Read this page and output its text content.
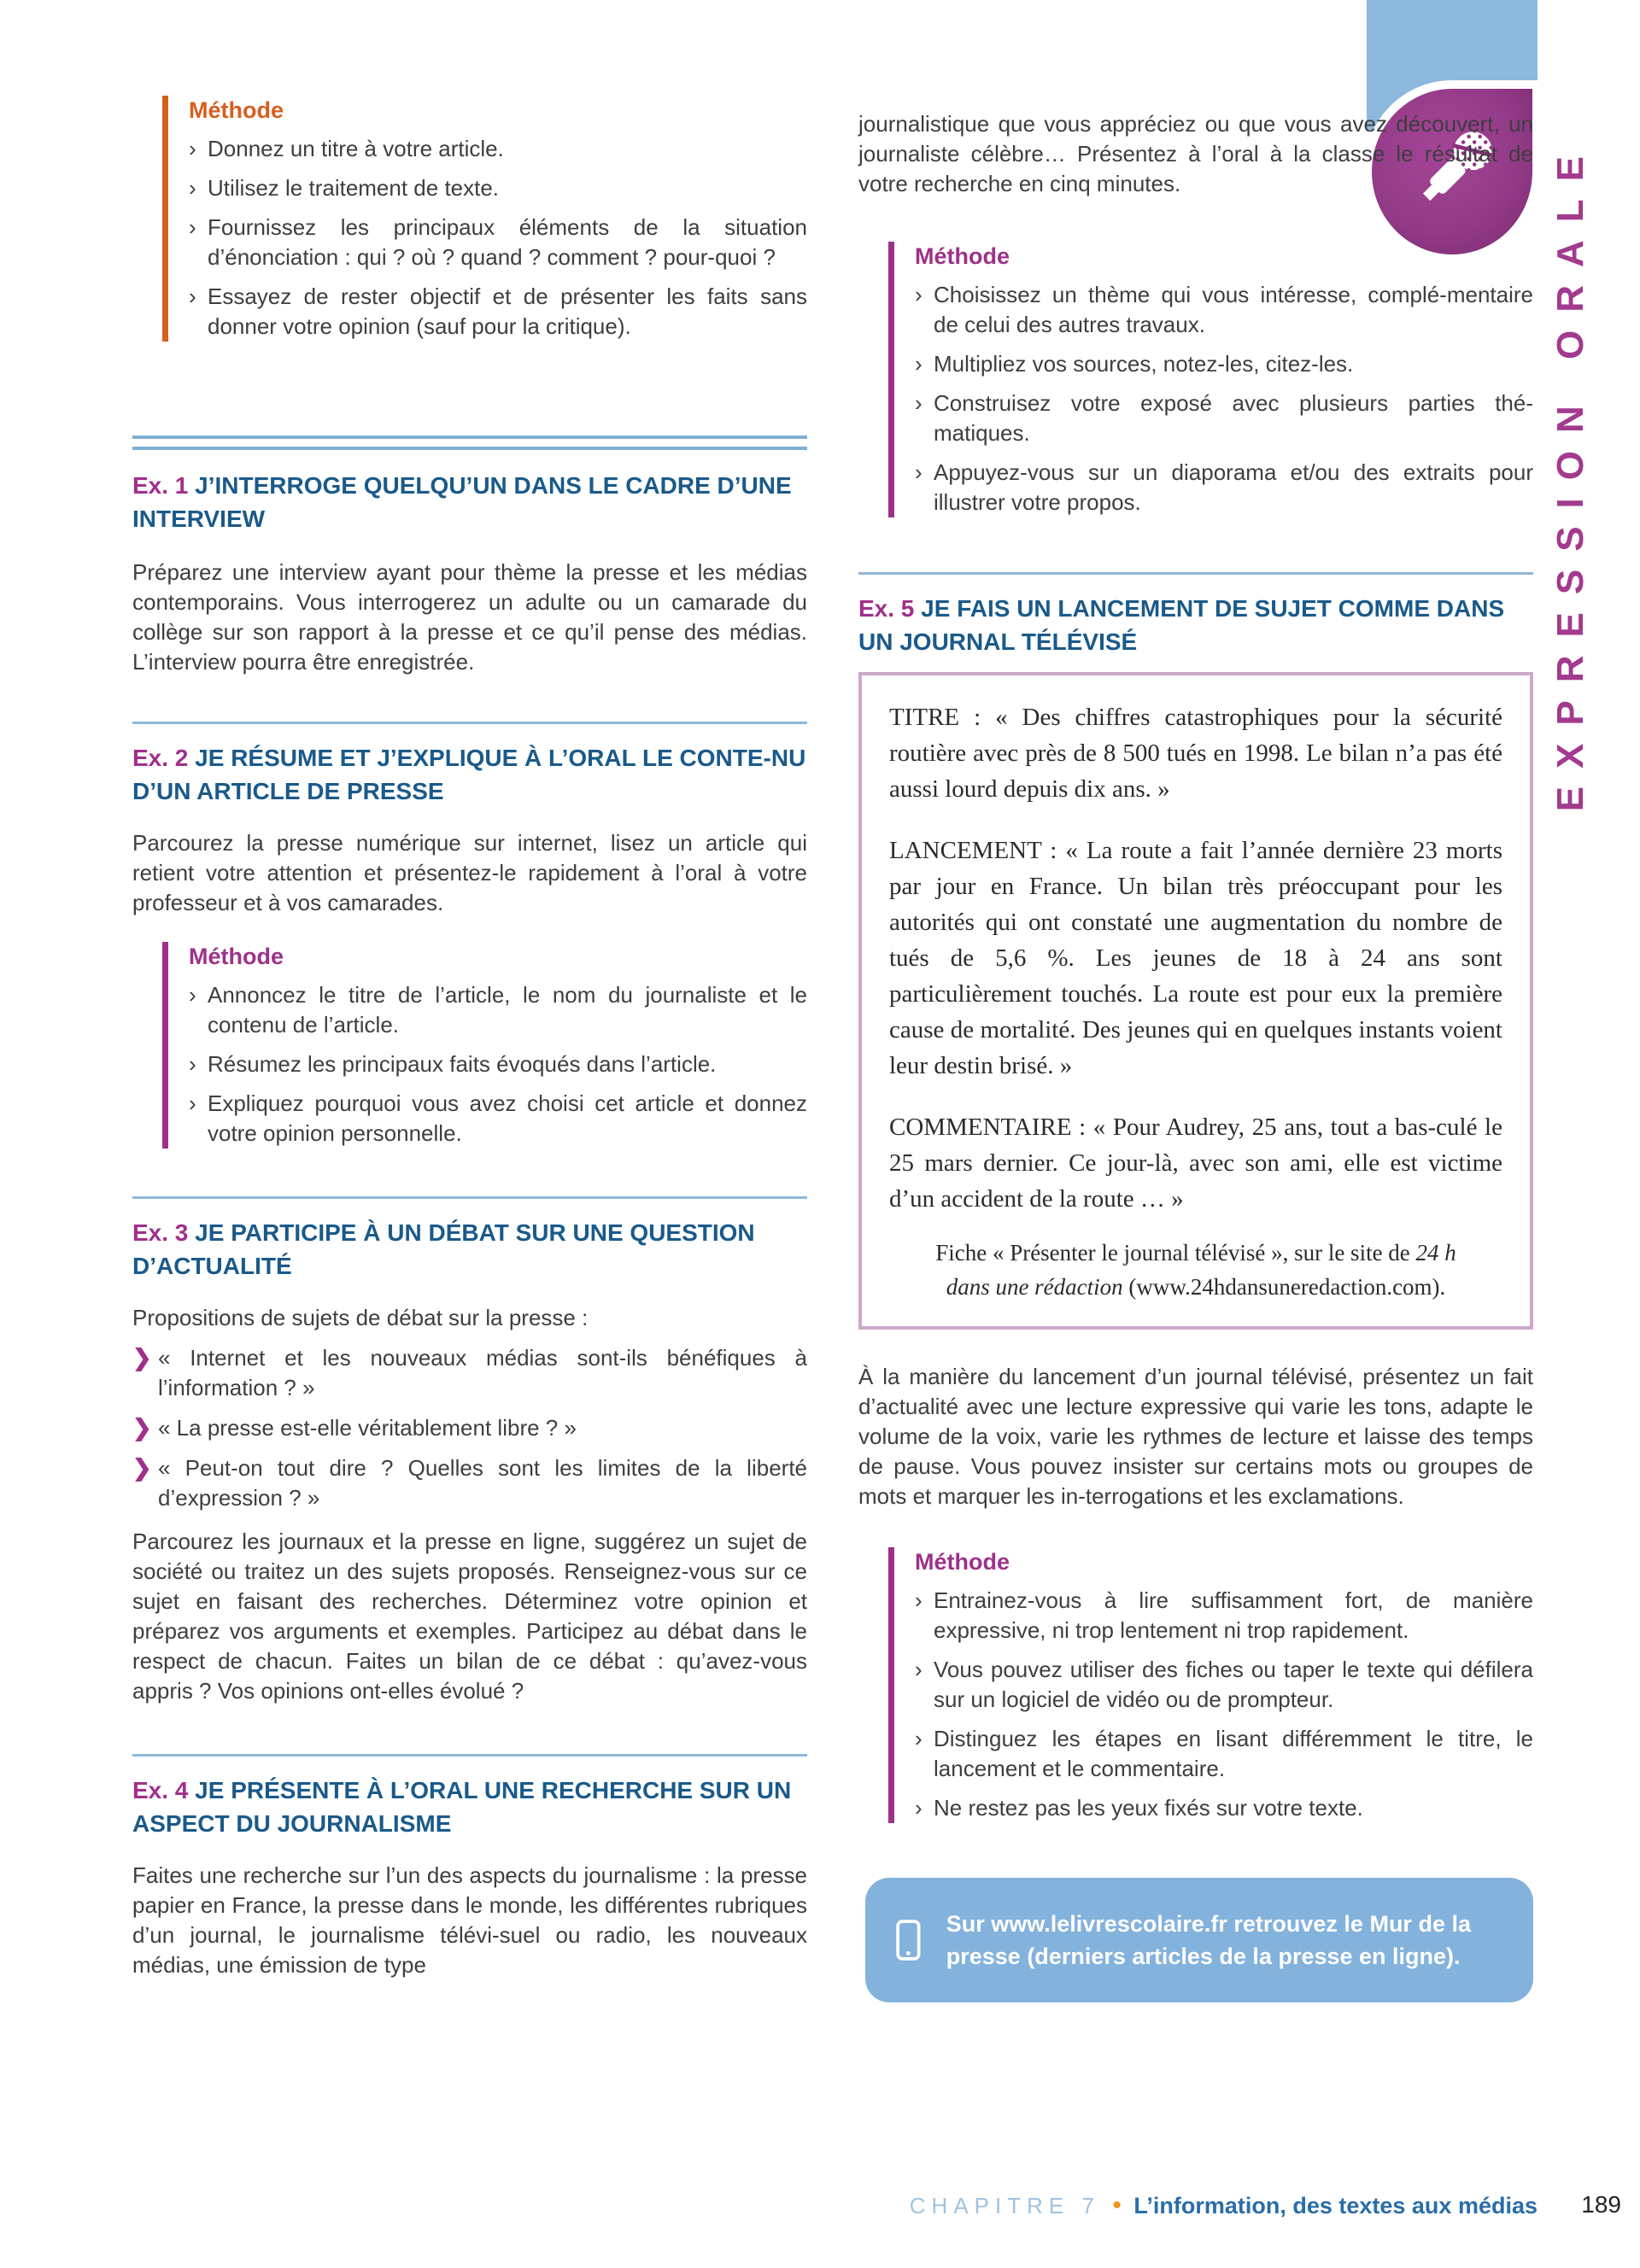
EXPRESSION ORALE
Méthode
› Donnez un titre à votre article.
› Utilisez le traitement de texte.
› Fournissez les principaux éléments de la situation d’énonciation : qui ? où ? quand ? comment ? pour-quoi ?
› Essayez de rester objectif et de présenter les faits sans donner votre opinion (sauf pour la critique).
Ex. 1 J’INTERROGE QUELQU’UN DANS LE CADRE D’UNE INTERVIEW

Préparez une interview ayant pour thème la presse et les médias contemporains. Vous interrogerez un adulte ou un camarade du collège sur son rapport à la presse et ce qu’il pense des médias. L’interview pourra être enregistrée.

Ex. 2 JE RÉSUME ET J’EXPLIQUE À L’ORAL LE CONTE-NU D’UN ARTICLE DE PRESSE

Parcourez la presse numérique sur internet, lisez un article qui retient votre attention et présentez-le rapidement à l’oral à votre professeur et à vos camarades.

Méthode
› Annoncez le titre de l’article, le nom du journaliste et le contenu de l’article.
› Résumez les principaux faits évoqués dans l’article.
› Expliquez pourquoi vous avez choisi cet article et donnez votre opinion personnelle.
Ex. 3 JE PARTICIPE À UN DÉBAT SUR UNE QUESTION D’ACTUALITÉ

Propositions de sujets de débat sur la presse :

❯ « Internet et les nouveaux médias sont-ils bénéfiques à l’information ? »
❯ « La presse est-elle véritablement libre ? »
❯ « Peut-on tout dire ? Quelles sont les limites de la liberté d’expression ? »

Parcourez les journaux et la presse en ligne, suggérez un sujet de société ou traitez un des sujets proposés. Renseignez-vous sur ce sujet en faisant des recherches. Déterminez votre opinion et préparez vos arguments et exemples. Participez au débat dans le respect de chacun. Faites un bilan de ce débat : qu’avez-vous appris ? Vos opinions ont-elles évolué ?

Ex. 4 JE PRÉSENTE À L’ORAL UNE RECHERCHE SUR UN ASPECT DU JOURNALISME

Faites une recherche sur l’un des aspects du journalisme : la presse papier en France, la presse dans le monde, les différentes rubriques d’un journal, le journalisme télévi-suel ou radio, les nouveaux médias, une émission de type

journalistique que vous appréciez ou que vous avez découvert, un journaliste célèbre… Présentez à l’oral à la classe le résultat de votre recherche en cinq minutes.

Méthode
› Choisissez un thème qui vous intéresse, complé-mentaire de celui des autres travaux.
› Multipliez vos sources, notez-les, citez-les.
› Construisez votre exposé avec plusieurs parties thé-matiques.
› Appuyez-vous sur un diaporama et/ou des extraits pour illustrer votre propos.
Ex. 5 JE FAIS UN LANCEMENT DE SUJET COMME DANS UN JOURNAL TÉLÉVISÉ

TITRE : « Des chiffres catastrophiques pour la sécurité routière avec près de 8 500 tués en 1998. Le bilan n’a pas été aussi lourd depuis dix ans. »

LANCEMENT : « La route a fait l’année dernière 23 morts par jour en France. Un bilan très préoccupant pour les autorités qui ont constaté une augmentation du nombre de tués de 5,6 %. Les jeunes de 18 à 24 ans sont particulièrement touchés. La route est pour eux la première cause de mortalité. Des jeunes qui en quelques instants voient leur destin brisé. »

COMMENTAIRE : « Pour Audrey, 25 ans, tout a bas-culé le 25 mars dernier. Ce jour-là, avec son ami, elle est victime d’un accident de la route … »

Fiche « Présenter le journal télévisé », sur le site de 24 h
dans une rédaction (www.24hdansuneredaction.com).

À la manière du lancement d’un journal télévisé, présentez un fait d’actualité avec une lecture expressive qui varie les tons, adapte le volume de la voix, varie les rythmes de lecture et laisse des temps de pause. Vous pouvez insister sur certains mots ou groupes de mots et marquer les in-terrogations et les exclamations.

Méthode
› Entrainez-vous à lire suffisamment fort, de manière expressive, ni trop lentement ni trop rapidement.
› Vous pouvez utiliser des fiches ou taper le texte qui défilera sur un logiciel de vidéo ou de prompteur.
› Distinguez les étapes en lisant différemment le titre, le lancement et le commentaire.
› Ne restez pas les yeux fixés sur votre texte.
Sur www.lelivrescolaire.fr retrouvez le Mur de la presse (derniers articles de la presse en ligne).
CHAPITRE 7 • L’information, des textes aux médias 189
